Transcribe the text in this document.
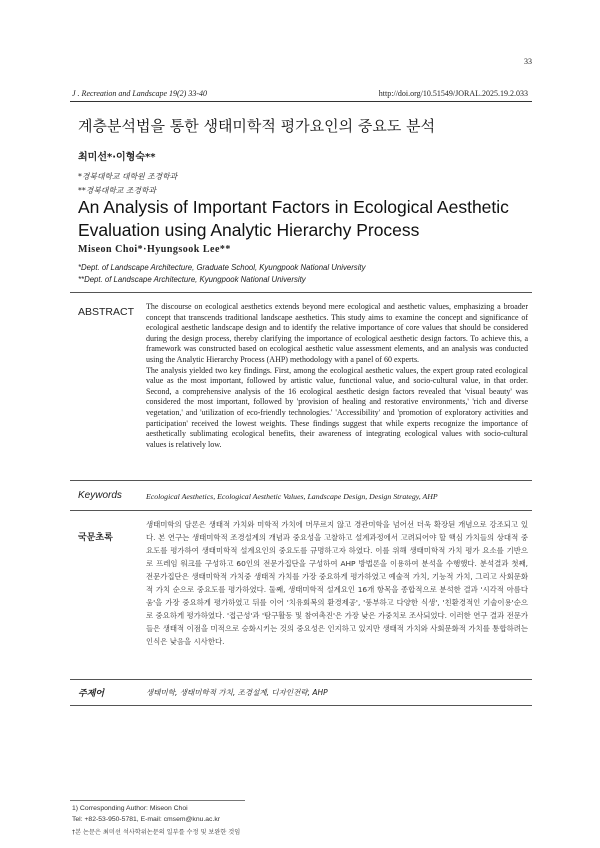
33
J . Recreation and Landscape 19(2) 33-40	http://doi.org/10.51549/JORAL.2025.19.2.033
계층분석법을 통한 생태미학적 평가요인의 중요도 분석
최미선*·이형숙**
*경북대학교 대학원 조경학과
**경북대학교 조경학과
An Analysis of Important Factors in Ecological Aesthetic Evaluation using Analytic Hierarchy Process
Miseon Choi*·Hyungsook Lee**
*Dept. of Landscape Architecture, Graduate School, Kyungpook National University
**Dept. of Landscape Architecture, Kyungpook National University
ABSTRACT The discourse on ecological aesthetics extends beyond mere ecological and aesthetic values, emphasizing a broader concept that transcends traditional landscape aesthetics. This study aims to examine the concept and significance of ecological aesthetic landscape design and to identify the relative importance of core values that should be considered during the design process, thereby clarifying the importance of ecological aesthetic design factors. To achieve this, a framework was constructed based on ecological aesthetic value assessment elements, and an analysis was conducted using the Analytic Hierarchy Process (AHP) methodology with a panel of 60 experts.

The analysis yielded two key findings. First, among the ecological aesthetic values, the expert group rated ecological value as the most important, followed by artistic value, functional value, and socio-cultural value, in that order. Second, a comprehensive analysis of the 16 ecological aesthetic design factors revealed that 'visual beauty' was considered the most important, followed by 'provision of healing and restorative environments,' 'rich and diverse vegetation,' and 'utilization of eco-friendly technologies.' 'Accessibility' and 'promotion of exploratory activities and participation' received the lowest weights. These findings suggest that while experts recognize the importance of aesthetically sublimating ecological benefits, their awareness of integrating ecological values with socio-cultural values is relatively low.

Keywords	Ecological Aesthetics, Ecological Aesthetic Values, Landscape Design, Design Strategy, AHP
국문초록
생태미학의 담론은 생태적 가치와 미학적 가치에 머무르지 않고 경관미학을 넘어선 더욱 확장된 개념으로 강조되고 있다. 본 연구는 생태미학적 조경설계의 개념과 중요성을 고찰하고 설계과정에서 고려되어야 할 핵심 가치들의 상대적 중요도를 평가하여 생태미학적 설계요인의 중요도를 규명하고자 하였다. 이를 위해 생태미학적 가치 평가 요소를 기반으로 프레임 워크를 구성하고 60인의 전문가집단을 구성하여 AHP 방법론을 이용하여 분석을 수행했다. 분석결과 첫째, 전문가집단은 생태미학적 가치중 생태적 가치를 가장 중요하게 평가하였고 예술적 가치, 기능적 가치, 그리고 사회문화적 가치 순으로 중요도를 평가하였다. 둘째, 생태미학적 설계요인 16개 항목을 종합적으로 분석한 결과 '시각적 아름다움'을 가장 중요하게 평가하였고 뒤를 이어 '치유회복의 환경제공', '풍부하고 다양한 식생', '친환경적인 기술이용'순으로 중요하게 평가하였다. '접근성'과 '탐구활동 및 참여촉진'은 가장 낮은 가중치로 조사되었다. 이러한 연구 결과 전문가들은 생태적 이점을 미적으로 승화시키는 것의 중요성은 인지하고 있지만 생태적 가치와 사회문화적 가치를 통합하려는 인식은 낮음을 시사한다.
주제어	생태미학, 생태미학적 가치, 조경설계, 디자인전략, AHP
1) Corresponding Author: Miseon Choi
Tel: +82-53-950-5781, E-mail: cmsem@knu.ac.kr
†본 논문은 최미선 석사학위논문의 일부를 수정 및 보완한 것임
